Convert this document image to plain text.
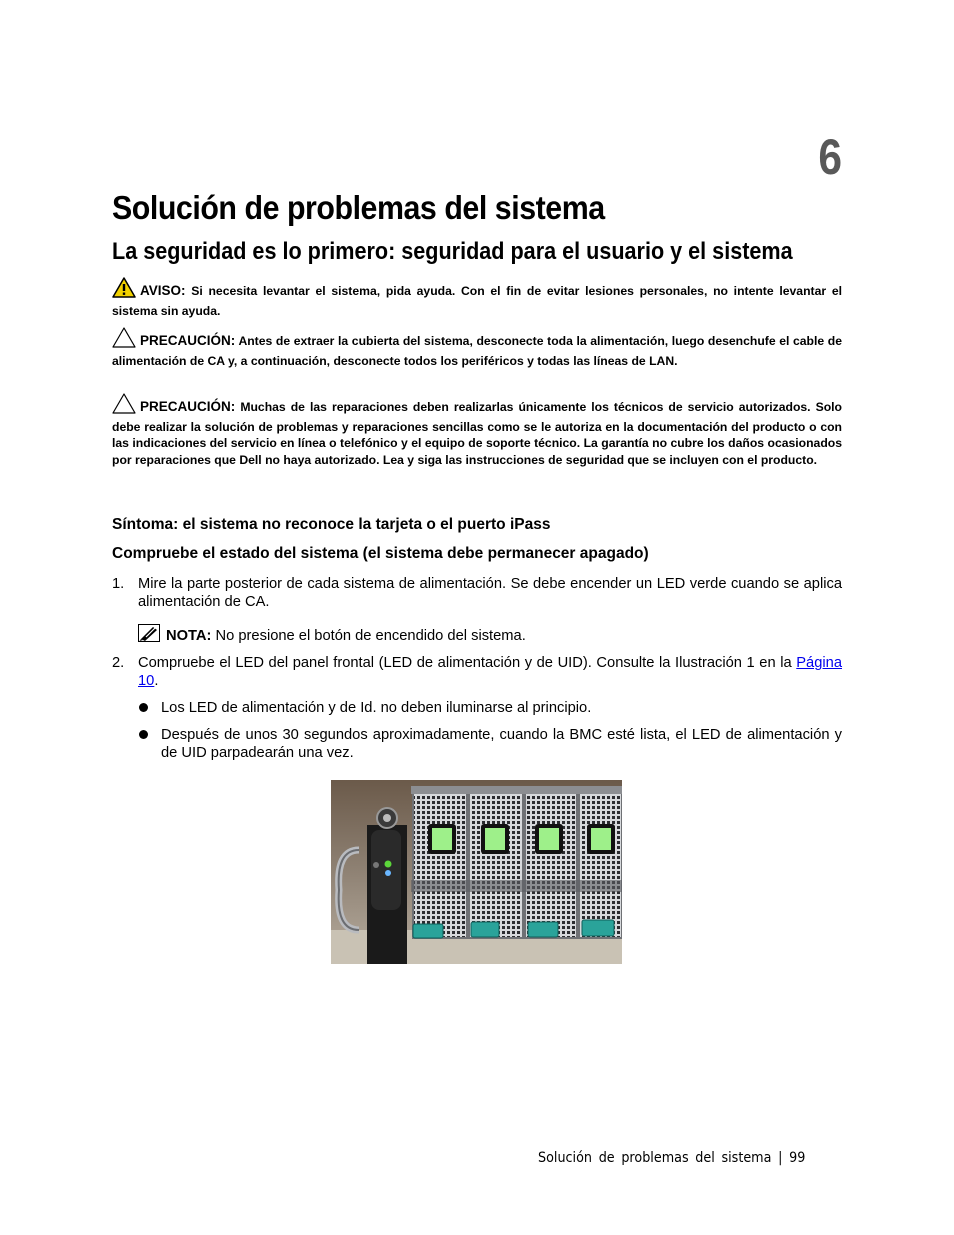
6
Solución de problemas del sistema
La seguridad es lo primero: seguridad para el usuario y el sistema
AVISO: Si necesita levantar el sistema, pida ayuda. Con el fin de evitar lesiones personales, no intente levantar el sistema sin ayuda.
PRECAUCIÓN: Antes de extraer la cubierta del sistema, desconecte toda la alimentación, luego desenchufe el cable de alimentación de CA y, a continuación, desconecte todos los periféricos y todas las líneas de LAN.
PRECAUCIÓN: Muchas de las reparaciones deben realizarlas únicamente los técnicos de servicio autorizados. Solo debe realizar la solución de problemas y reparaciones sencillas como se le autoriza en la documentación del producto o con las indicaciones del servicio en línea o telefónico y el equipo de soporte técnico. La garantía no cubre los daños ocasionados por reparaciones que Dell no haya autorizado. Lea y siga las instrucciones de seguridad que se incluyen con el producto.
Síntoma: el sistema no reconoce la tarjeta o el puerto iPass
Compruebe el estado del sistema (el sistema debe permanecer apagado)
1. Mire la parte posterior de cada sistema de alimentación. Se debe encender un LED verde cuando se aplica alimentación de CA.
NOTA: No presione el botón de encendido del sistema.
2. Compruebe el LED del panel frontal (LED de alimentación y de UID). Consulte la Ilustración 1 en la Página 10.
Los LED de alimentación y de Id. no deben iluminarse al principio.
Después de unos 30 segundos aproximadamente, cuando la BMC esté lista, el LED de alimentación y de UID parpadearán una vez.
Solución de problemas del sistema | 99
